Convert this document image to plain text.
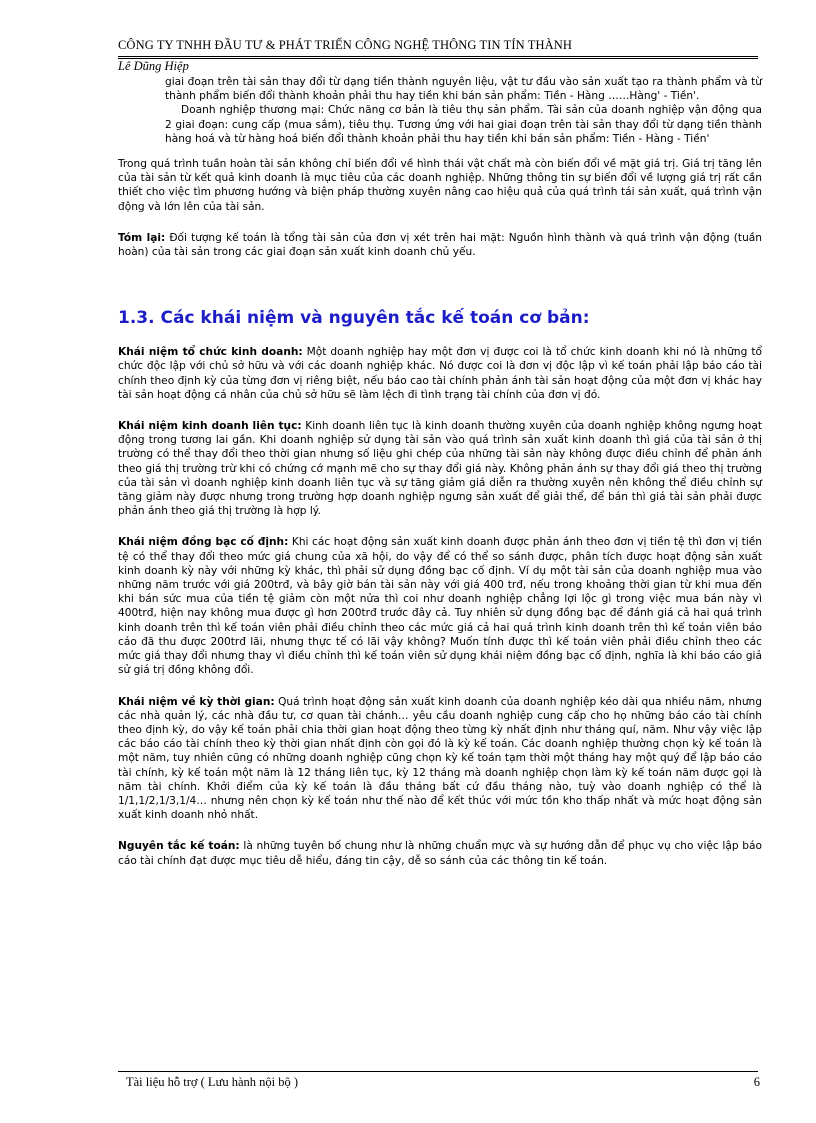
CÔNG TY TNHH ĐẦU TƯ & PHÁT TRIỂN CÔNG NGHỆ THÔNG TIN TÍN THÀNH
Lê Dũng Hiệp

giai đoạn trên tài sản thay đổi từ dạng tiền thành nguyên liệu, vật tư đầu vào sản xuất tạo ra thành phẩm và từ thành phẩm biến đổi thành khoản phải thu hay tiền khi bán sản phẩm: Tiền - Hàng ……Hàng' - Tiền'.

Doanh nghiệp thương mại: Chức năng cơ bản là tiêu thụ sản phẩm. Tài sản của doanh nghiệp vận động qua 2 giai đoạn: cung cấp (mua sắm), tiêu thụ. Tương ứng với hai giai đoạn trên tài sản thay đổi từ dạng tiền thành hàng hoá và từ hàng hoá biến đổi thành khoản phải thu hay tiền khi bán sản phẩm: Tiền - Hàng - Tiền'

Trong quá trình tuần hoàn tài sản không chỉ biến đổi về hình thái vật chất mà còn biến đổi về mặt giá trị. Giá trị tăng lên của tài sản từ kết quả kinh doanh là mục tiêu của các doanh nghiệp. Những thông tin sự biến đổi về lượng giá trị rất cần thiết cho việc tìm phương hướng và biện pháp thường xuyên nâng cao hiệu quả của quá trình tái sản xuất, quá trình vận động và lớn lên của tài sản.

Tóm lại: Đối tượng kế toán là tổng tài sản của đơn vị xét trên hai mặt: Nguồn hình thành và quá trình vận động (tuần hoàn) của tài sản trong các giai đoạn sản xuất kinh doanh chủ yếu.

1.3. Các khái niệm và nguyên tắc kế toán cơ bản:

Khái niệm tổ chức kinh doanh: Một doanh nghiệp hay một đơn vị được coi là tổ chức kinh doanh khi nó là những tổ chức độc lập với chủ sở hữu và với các doanh nghiệp khác. Nó được coi là đơn vị độc lập vì kế toán phải lập báo cáo tài chính theo định kỳ của từng đơn vị riêng biệt, nếu báo cao tài chính phản ánh tài sản hoạt động của một đơn vị khác hay tài sản hoạt động cá nhân của chủ sở hữu sẽ làm lệch đi tình trạng tài chính của đơn vị đó.

Khái niệm kinh doanh liên tục: Kinh doanh liên tục là kinh doanh thường xuyên của doanh nghiệp không ngưng hoạt động trong tương lai gần. Khi doanh nghiệp sử dụng tài sản vào quá trình sản xuất kinh doanh thì giá của tài sản ở thị trường có thể thay đổi theo thời gian nhưng số liệu ghi chép của những tài sản này không được điều chỉnh để phản ánh theo giá thị trường trừ khi có chứng cớ mạnh mẽ cho sự thay đổi giá này. Không phản ánh sự thay đổi giá theo thị trường của tài sản vì doanh nghiệp kinh doanh liên tục và sự tăng giảm giá diễn ra thường xuyên nên không thể điều chỉnh sự tăng giảm này được nhưng trong trường hợp doanh nghiệp ngưng sản xuất để giải thể, để bán thì giá tài sản phải được phản ánh theo giá thị trường là hợp lý.

Khái niệm đồng bạc cố định: Khi các hoạt động sản xuất kinh doanh được phản ánh theo đơn vị tiền tệ thì đơn vị tiền tệ có thể thay đổi theo mức giá chung của xã hội, do vậy để có thể so sánh được, phân tích được hoạt động sản xuất kinh doanh kỳ này với những kỳ khác, thì phải sử dụng đồng bạc cố định. Ví dụ một tài sản của doanh nghiệp mua vào những năm trước với giá 200trđ, và bây giờ bán tài sản này với giá 400 trđ, nếu trong khoảng thời gian từ khi mua đến khi bán sức mua của tiền tệ giảm còn một nửa thì coi như doanh nghiệp chẳng lợi lộc gì trong việc mua bán này vì 400trđ, hiện nay không mua được gì hơn 200trđ trước đây cả. Tuy nhiên sử dụng đồng bạc để đánh giá cả hai quá trình kinh doanh trên thì kế toán viên phải điều chỉnh theo các mức giá cả hai quá trình kinh doanh trên thì kế toán viên báo cáo đã thu được 200trđ lãi, nhưng thực tế có lãi vậy không? Muốn tính được thì kế toán viên phải điều chỉnh theo các mức giá thay đổi nhưng thay vì điều chỉnh thì kế toán viên sử dụng khái niệm đồng bạc cố định, nghĩa là khi báo cáo giả sử giá trị đồng không đổi.

Khái niệm về kỳ thời gian: Quá trình hoạt động sản xuất kinh doanh của doanh nghiệp kéo dài qua nhiều năm, nhưng các nhà quản lý, các nhà đầu tư, cơ quan tài chánh… yêu cầu doanh nghiệp cung cấp cho họ những báo cáo tài chính theo định kỳ, do vậy kế toán phải chia thời gian hoạt động theo từng kỳ nhất định như tháng quí, năm. Như vậy việc lập các báo cáo tài chính theo kỳ thời gian nhất định còn gọi đó là kỳ kế toán. Các doanh nghiệp thường chọn kỳ kế toán là một năm, tuy nhiên cũng có những doanh nghiệp cũng chọn kỳ kế toán tạm thời một tháng hay một quý để lập báo cáo tài chính, kỳ kế toán một năm là 12 tháng liên tục, kỳ 12 tháng mà doanh nghiệp chọn làm kỳ kế toán năm được gọi là năm tài chính. Khởi điểm của kỳ kế toán là đầu tháng bất cứ đầu tháng nào, tuỳ vào doanh nghiệp có thể là 1/1,1/2,1/3,1/4… nhưng nên chọn kỳ kế toán như thế nào để kết thúc với mức tồn kho thấp nhất và mức hoạt động sản xuất kinh doanh nhỏ nhất.

Nguyên tắc kế toán: là những tuyên bố chung như là những chuẩn mực và sự hướng dẫn để phục vụ cho việc lập báo cáo tài chính đạt được mục tiêu dễ hiểu, đáng tin cậy, dễ so sánh của các thông tin kế toán.

Tài liệu hỗ trợ ( Lưu hành nội bộ )	6
